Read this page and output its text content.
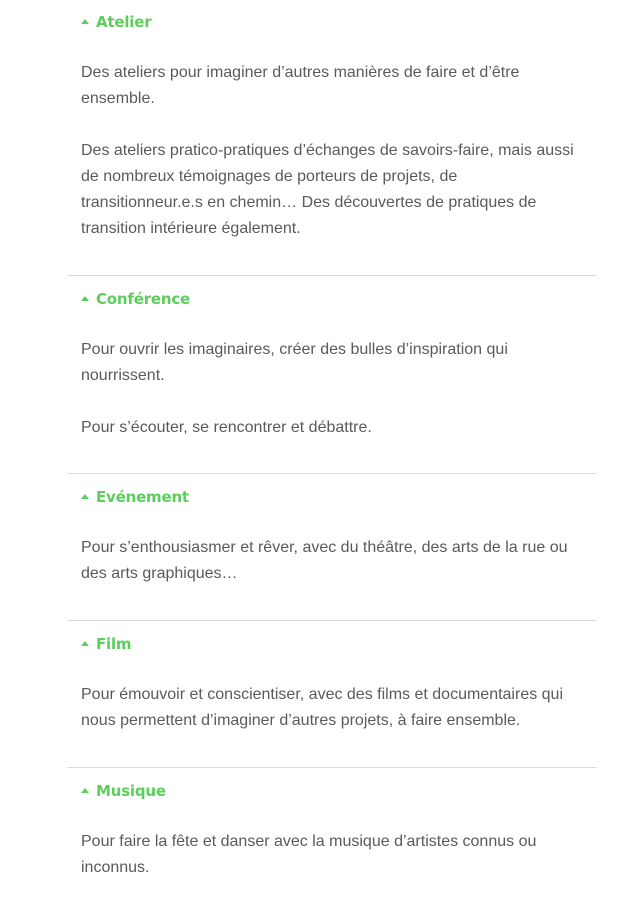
Atelier

Des ateliers pour imaginer d’autres manières de faire et d’être ensemble.

Des ateliers pratico-pratiques d’échanges de savoirs-faire, mais aussi de nombreux témoignages de porteurs de projets, de transitionneur.e.s en chemin… Des découvertes de pratiques de transition intérieure également.

Conférence

Pour ouvrir les imaginaires, créer des bulles d’inspiration qui nourrissent.

Pour s’écouter, se rencontrer et débattre.

Evénement

Pour s’enthousiasmer et rêver, avec du théâtre, des arts de la rue ou des arts graphiques…

Film

Pour émouvoir et conscientiser, avec des films et documentaires qui nous permettent d’imaginer d’autres projets, à faire ensemble.

Musique

Pour faire la fête et danser avec la musique d’artistes connus ou inconnus.
